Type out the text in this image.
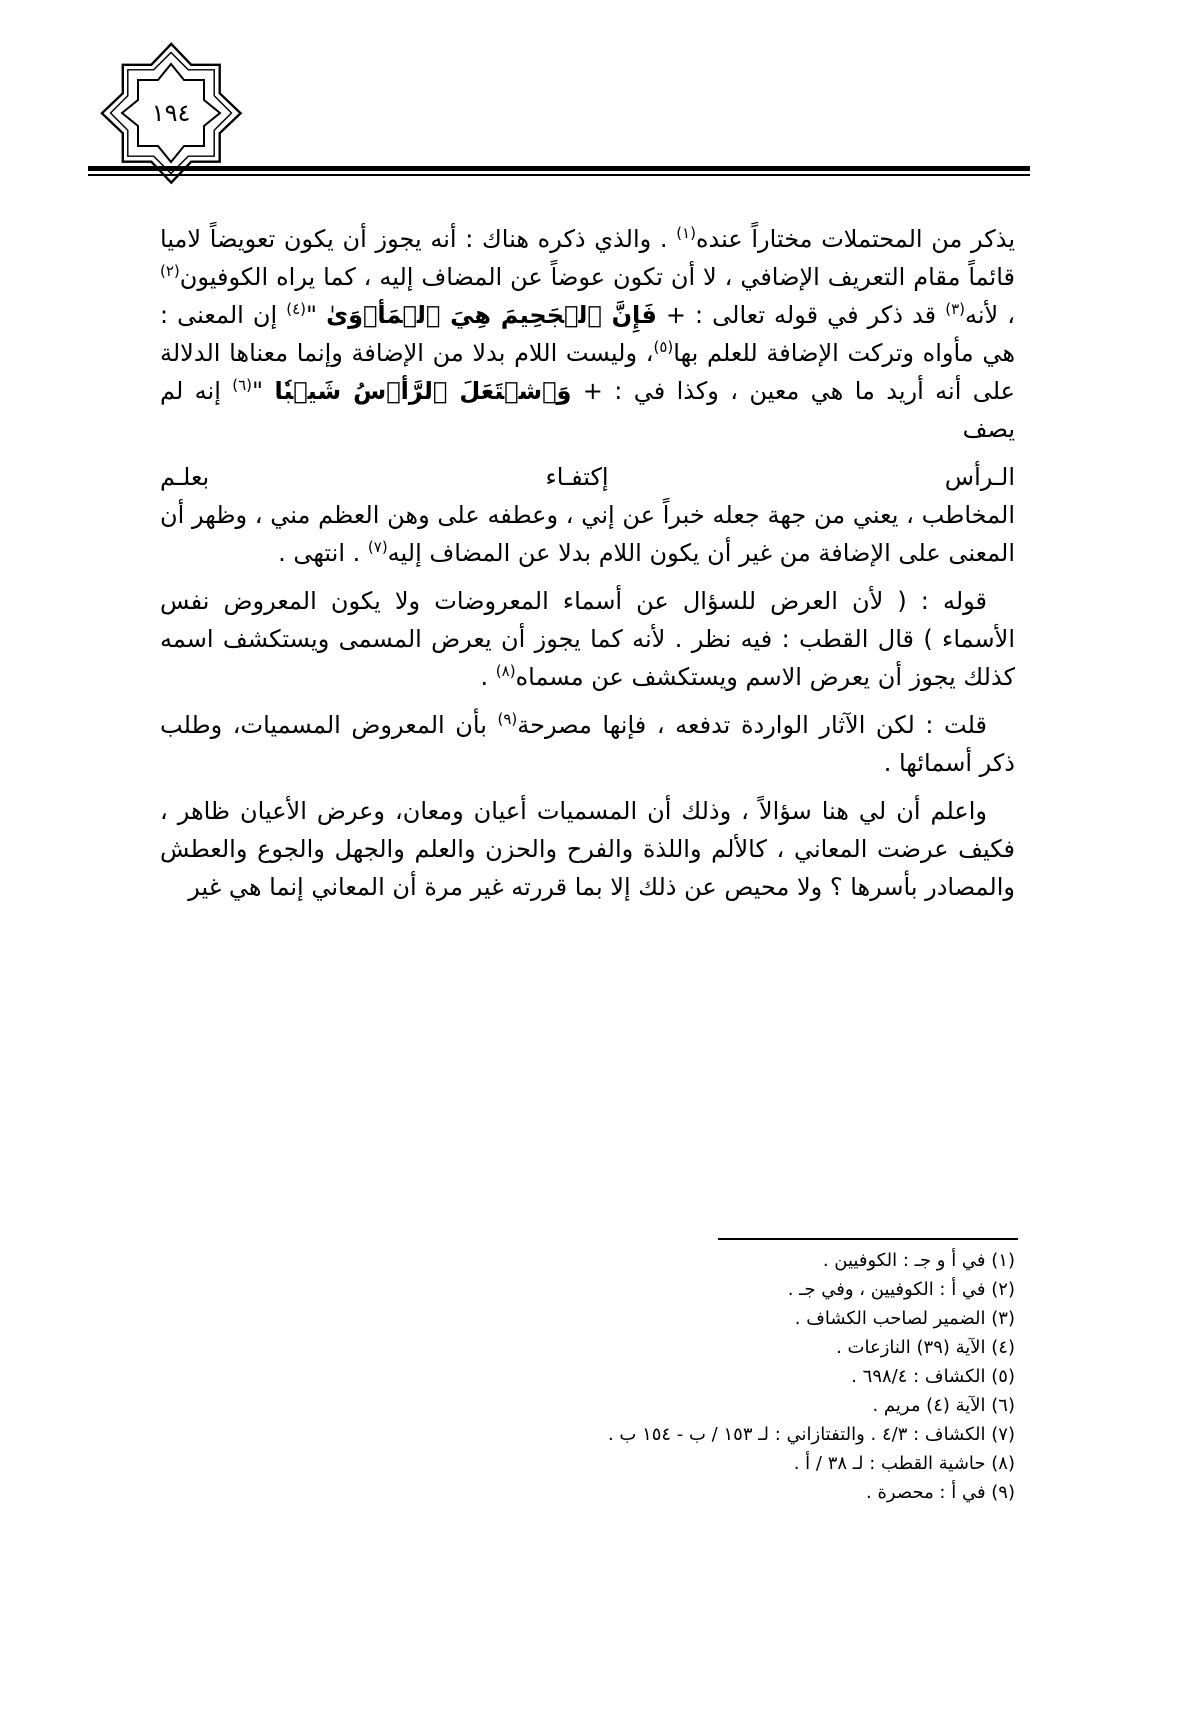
١٩٤

يذكر من المحتملات مختاراً عنده$^{(١)}$ . والذي ذكره هناك : أنه يجوز أن يكون تعويضاً لاميا قائماً مقام التعريف الإضافي ، لا أن تكون عوضاً عن المضاف إليه ، كما يراه الكوفيون$^{(٢)}$ ، لأنه$^{(٣)}$ قد ذكر في قوله تعالى : + فَإِنَّ ٱلۡجَحِيمَ هِيَ ٱلۡمَأۡوَىٰ "$^{(٤)}$ إن المعنى : هي مأواه وتركت الإضافة للعلم بها$^{(٥)}$، وليست اللام بدلا من الإضافة وإنما معناها الدلالة على أنه أريد ما هي معين ، وكذا في : + وَٱشۡتَعَلَ ٱلرَّأۡسُ شَيۡبٗا "$^{(٦)}$ إنه لم يصف

الـرأس
إكتفـاء
بعلـم

المخاطب ، يعني من جهة جعله خبراً عن إني ، وعطفه على وهن العظم مني ، وظهر أن المعنى على الإضافة من غير أن يكون اللام بدلا عن المضاف إليه$^{(٧)}$ . انتهى .

قوله : ( لأن العرض للسؤال عن أسماء المعروضات ولا يكون المعروض نفس الأسماء ) قال القطب : فيه نظر . لأنه كما يجوز أن يعرض المسمى ويستكشف اسمه كذلك يجوز أن يعرض الاسم ويستكشف عن مسماه$^{(٨)}$ .

قلت : لكن الآثار الواردة تدفعه ، فإنها مصرحة$^{(٩)}$ بأن المعروض المسميات، وطلب ذكر أسمائها .

واعلم أن لي هنا سؤالاً ، وذلك أن المسميات أعيان ومعان، وعرض الأعيان ظاهر ، فكيف عرضت المعاني ، كالألم واللذة والفرح والحزن والعلم والجهل والجوع والعطش والمصادر بأسرها ؟ ولا محيص عن ذلك إلا بما قررته غير مرة أن المعاني إنما هي غير

(١) في أ و جـ : الكوفيين .

(٢) في أ : الكوفيين ، وفي جـ .

(٣) الضمير لصاحب الكشاف .

(٤) الآية (٣٩) النازعات .

(٥) الكشاف : ٦٩٨/٤ .

(٦) الآية (٤) مريم .

(٧) الكشاف : ٤/٣ . والتفتازاني : لـ ١٥٣ / ب - ١٥٤ ب .

(٨) حاشية القطب : لـ ٣٨ / أ .

(٩) في أ : محصرة .
